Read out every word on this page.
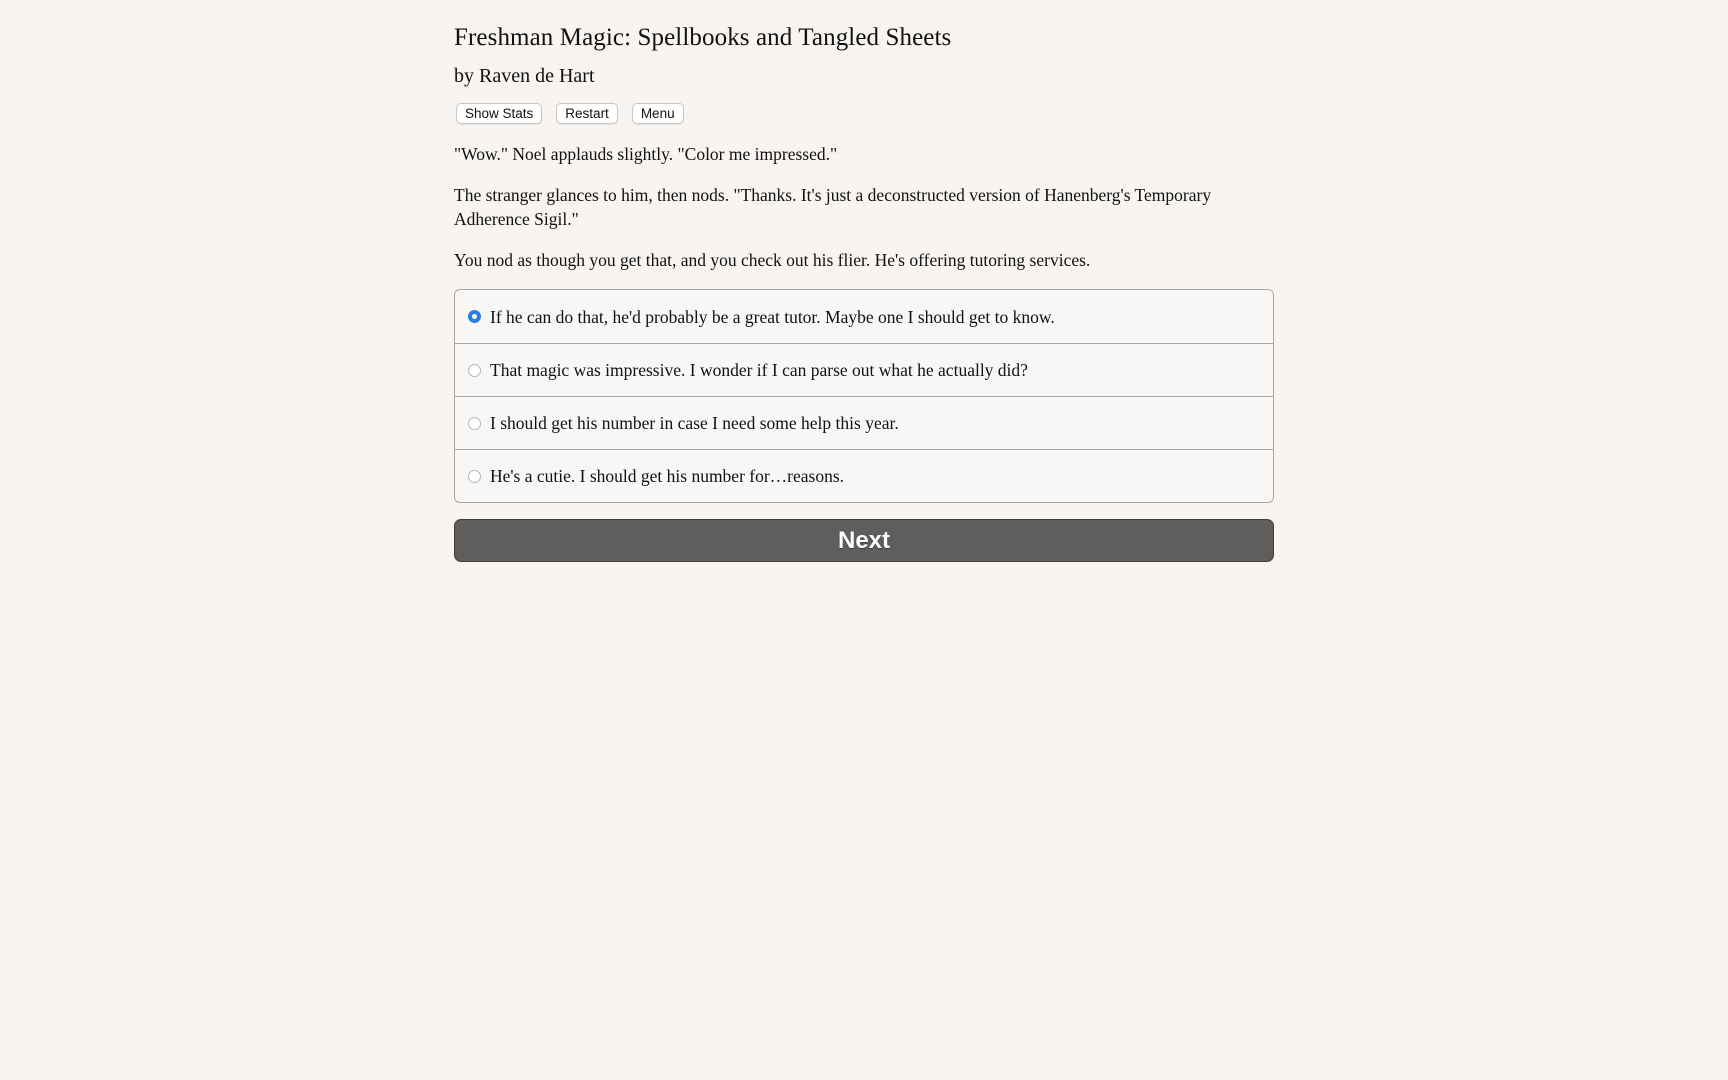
Freshman Magic: Spellbooks and Tangled Sheets
by Raven de Hart
Show Stats	Restart	Menu

"Wow." Noel applauds slightly. "Color me impressed."

The stranger glances to him, then nods. "Thanks. It's just a deconstructed version of Hanenberg's Temporary Adherence Sigil."

You nod as though you get that, and you check out his flier. He's offering tutoring services.

If he can do that, he'd probably be a great tutor. Maybe one I should get to know.
That magic was impressive. I wonder if I can parse out what he actually did?
I should get his number in case I need some help this year.
He's a cutie. I should get his number for…reasons.
Next
